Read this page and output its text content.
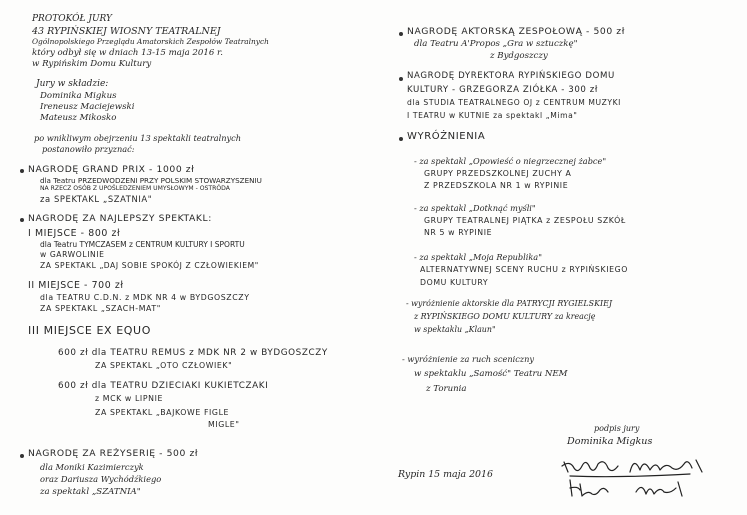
PROTOKÓŁ JURY
43 RYPIŃSKIEJ WIOSNY TEATRALNEJ
Ogólnopolskiego Przeglądu Amatorskich Zespołów Teatralnych
który odbył się w dniach 13-15 maja 2016 r.
w Rypińskim Domu Kultury
Jury w składzie:
Dominika Migkus
Ireneusz Maciejewski
Mateusz Mikosko
po wnikliwym obejrzeniu 13 spektakli teatralnych
postanowiło przyznać:
NAGRODĘ GRAND PRIX - 1000 zł
dla Teatru PRZEDWODZENI PRZY POLSKIM STOWARZYSZENIU
NA RZECZ OSÓB Z UPOŚLEDZENIEM UMYSŁOWYM - OSTRÓDA
za SPEKTAKL „SZATNIA"
NAGRODĘ ZA NAJLEPSZY SPEKTAKL:
I MIEJSCE - 800 zł
dla Teatru TYMCZASEM z CENTRUM KULTURY I SPORTU
w GARWOLINIE
ZA SPEKTAKL „DAJ SOBIE SPOKÓJ Z CZŁOWIEKIEM"
II MIEJSCE - 700 zł
dla TEATRU C.D.N. z MDK NR 4 w BYDGOSZCZY
ZA SPEKTAKL „SZACH-MAT"
III MIEJSCE EX EQUO
600 zł dla TEATRU REMUS z MDK NR 2 w BYDGOSZCZY
ZA SPEKTAKL „OTO CZŁOWIEK"
600 zł dla TEATRU DZIECIAKI KUKIETCZAKI
z MCK w LIPNIE
ZA SPEKTAKL „BAJKOWE FIGLE
MIGLE"
NAGRODĘ ZA REŻYSERIĘ - 500 zł
dla Moniki Kazimierczyk
oraz Dariusza Wychódźkiego
za spektakl „SZATNIA"
Rypin 15 maja 2016
NAGRODĘ AKTORSKĄ ZESPOŁOWĄ - 500 zł
dla Teatru A'Propos „Gra w sztuczkę"
z Bydgoszczy
NAGRODĘ DYREKTORA RYPIŃSKIEGO DOMU
KULTURY - GRZEGORZA ZIÓŁKA - 300 zł
dla STUDIA TEATRALNEGO OJ z CENTRUM MUZYKI
I TEATRU w KUTNIE za spektakl „Mima"
WYRÓŻNIENIA
- za spektakl „Opowieść o niegrzecznej żabce"
GRUPY PRZEDSZKOLNEJ ZUCHY A
Z PRZEDSZKOLA NR 1 w RYPINIE
- za spektakl „Dotknąć myśli"
GRUPY TEATRALNEJ PIĄTKA z ZESPOŁU SZKÓŁ
NR 5 w RYPINIE
- za spektakl „Moja Republika"
ALTERNATYWNEJ SCENY RUCHU z RYPIŃSKIEGO
DOMU KULTURY
- wyróżnienie aktorskie dla PATRYCJI RYGIELSKIEJ
z RYPIŃSKIEGO DOMU KULTURY za kreację
w spektaklu „Klaun"
- wyróżnienie za ruch sceniczny
w spektaklu „Samość" Teatru NEM
z Torunia
podpis jury
Dominika Migkus
